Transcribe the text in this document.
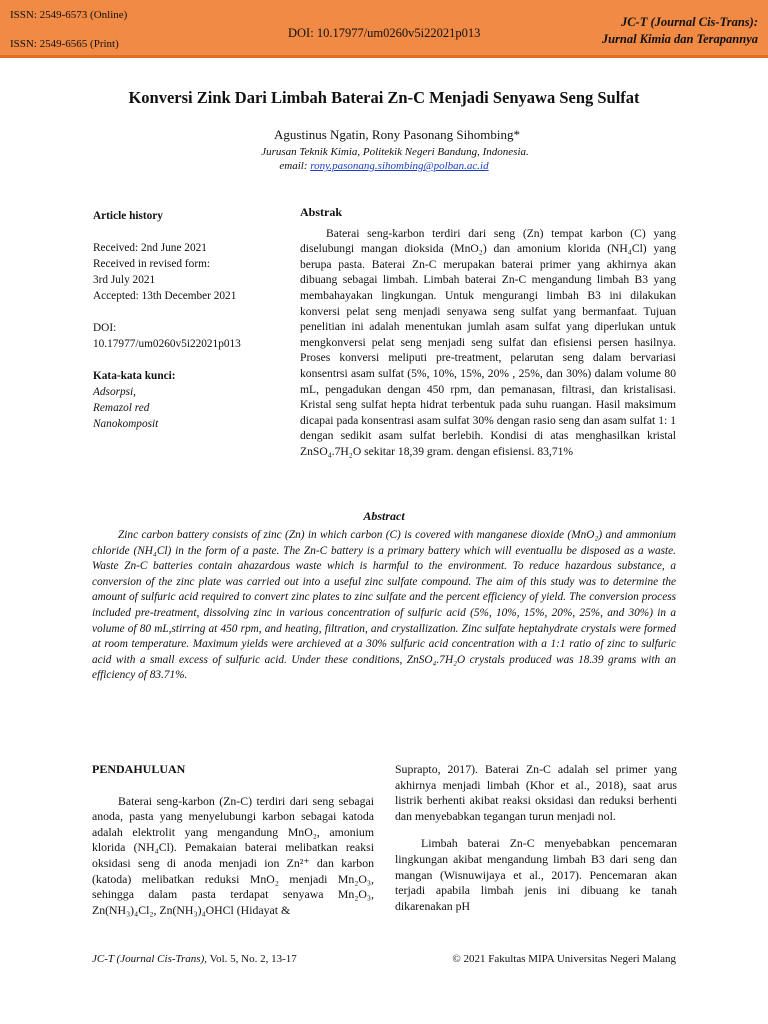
ISSN: 2549-6573 (Online)
ISSN: 2549-6565 (Print)
DOI: 10.17977/um0260v5i22021p013
JC-T (Journal Cis-Trans):
Jurnal Kimia dan Terapannya
Konversi Zink Dari Limbah Baterai Zn-C Menjadi Senyawa Seng Sulfat
Agustinus Ngatin, Rony Pasonang Sihombing*
Jurusan Teknik Kimia, Politekik Negeri Bandung, Indonesia.
email: rony.pasonang.sihombing@polban.ac.id
Article history
Received: 2nd June 2021
Received in revised form:
3rd July 2021
Accepted: 13th December 2021
DOI:
10.17977/um0260v5i22021p013
Kata-kata kunci:
Adsorpsi,
Remazol red
Nanokomposit
Abstrak

Baterai seng-karbon terdiri dari seng (Zn) tempat karbon (C) yang diselubungi mangan dioksida (MnO₂) dan amonium klorida (NH₄Cl) yang berupa pasta. Baterai Zn-C merupakan baterai primer yang akhirnya akan dibuang sebagai limbah. Limbah baterai Zn-C mengandung limbah B3 yang membahayakan lingkungan. Untuk mengurangi limbah B3 ini dilakukan konversi pelat seng menjadi senyawa seng sulfat yang bermanfaat. Tujuan penelitian ini adalah menentukan jumlah asam sulfat yang diperlukan untuk mengkonversi pelat seng menjadi seng sulfat dan efisiensi persen hasilnya. Proses konversi meliputi pre-treatment, pelarutan seng dalam bervariasi konsentrsi asam sulfat (5%, 10%, 15%, 20% , 25%, dan 30%) dalam volume 80 mL, pengadukan dengan 450 rpm, dan pemanasan, filtrasi, dan kristalisasi. Kristal seng sulfat hepta hidrat terbentuk pada suhu ruangan. Hasil maksimum dicapai pada konsentrasi asam sulfat 30% dengan rasio seng dan asam sulfat 1: 1 dengan sedikit asam sulfat berlebih. Kondisi di atas menghasilkan kristal ZnSO₄.7H₂O sekitar 18,39 gram. dengan efisiensi. 83,71%

Abstract

Zinc carbon battery consists of zinc (Zn) in which carbon (C) is covered with manganese dioxide (MnO₂) and ammonium chloride (NH₄Cl) in the form of a paste. The Zn-C battery is a primary battery which will eventuallu be disposed as a waste. Waste Zn-C batteries contain ahazardous waste which is harmful to the environment. To reduce hazardous substance, a conversion of the zinc plate was carried out into a useful zinc sulfate compound. The aim of this study was to determine the amount of sulfuric acid required to convert zinc plates to zinc sulfate and the percent efficiency of yield. The conversion process included pre-treatment, dissolving zinc in various concentration of sulfuric acid (5%, 10%, 15%, 20%, 25%, and 30%) in a volume of 80 mL,stirring at 450 rpm, and heating, filtration, and crystallization. Zinc sulfate heptahydrate crystals were formed at room temperature. Maximum yields were archieved at a 30% sulfuric acid concentration with a 1:1 ratio of zinc to sulfuric acid with a small excess of sulfuric acid. Under these conditions, ZnSO₄.7H₂O crystals produced was 18.39 grams with an efficiency of 83.71%.

PENDAHULUAN

Baterai seng-karbon (Zn-C) terdiri dari seng sebagai anoda, pasta yang menyelubungi karbon sebagai katoda adalah elektrolit yang mengandung MnO₂, amonium klorida (NH₄Cl). Pemakaian baterai melibatkan reaksi oksidasi seng di anoda menjadi ion Zn²⁺ dan karbon (katoda) melibatkan reduksi MnO₂ menjadi Mn₂O₃, sehingga dalam pasta terdapat senyawa Mn₂O₃, Zn(NH₃)₄Cl₂, Zn(NH₃)₄OHCl (Hidayat &

Suprapto, 2017). Baterai Zn-C adalah sel primer yang akhirnya menjadi limbah (Khor et al., 2018), saat arus listrik berhenti akibat reaksi oksidasi dan reduksi berhenti dan menyebabkan tegangan turun menjadi nol.

Limbah baterai Zn-C menyebabkan pencemaran lingkungan akibat mengandung limbah B3 dari seng dan mangan (Wisnuwijaya et al., 2017). Pencemaran akan terjadi apabila limbah jenis ini dibuang ke tanah dikarenakan pH

JC-T (Journal Cis-Trans), Vol. 5, No. 2, 13-17	© 2021 Fakultas MIPA Universitas Negeri Malang
